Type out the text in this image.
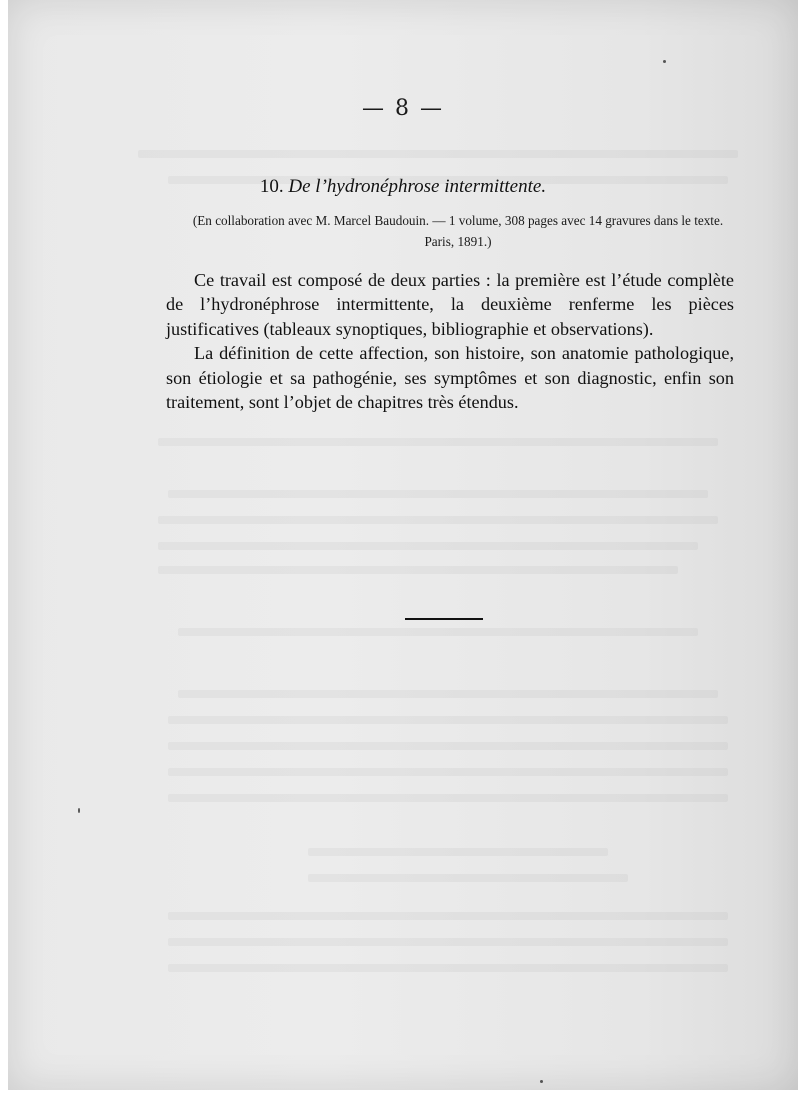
— 8 —
10. De l’hydronéphrose intermittente.
(En collaboration avec M. Marcel Baudouin. — 1 volume, 308 pages avec 14 gravures dans le texte. Paris, 1891.)

Ce travail est composé de deux parties : la première est l’étude complète de l’hydronéphrose intermittente, la deuxième renferme les pièces justificatives (tableaux synoptiques, bibliographie et observations).

La définition de cette affection, son histoire, son anatomie pathologique, son étiologie et sa pathogénie, ses symptômes et son diagnostic, enfin son traitement, sont l’objet de chapitres très étendus.
